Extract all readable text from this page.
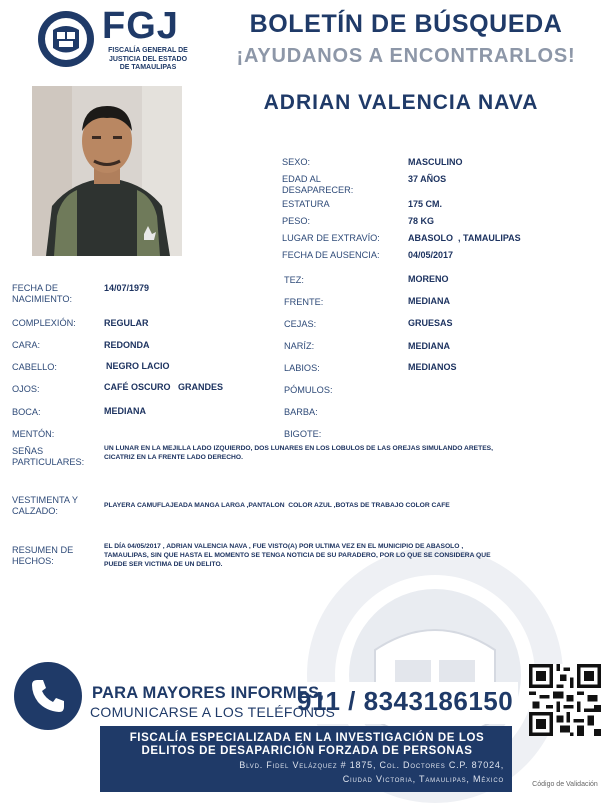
FGJ
FISCALÍA GENERAL DE
JUSTICIA DEL ESTADO
DE TAMAULIPAS
BOLETÍN DE BÚSQUEDA
¡AYUDANOS A ENCONTRARLOS!
ADRIAN VALENCIA NAVA
SEXO:	MASCULINO
EDAD AL
DESAPARECER:
37 AÑOS
ESTATURA	175 CM.
PESO:	78 KG
LUGAR DE EXTRAVÍO:	ABASOLO  , TAMAULIPAS
FECHA DE AUSENCIA:	04/05/2017
FECHA DE
NACIMIENTO:
14/07/1979
COMPLEXIÓN:	REGULAR
CARA:	REDONDA
CABELLO:	NEGRO LACIO
OJOS:	CAFÉ OSCURO   GRANDES
BOCA:	MEDIANA
MENTÓN:
TEZ:	MORENO
FRENTE:	MEDIANA
CEJAS:	GRUESAS
NARÍZ:	MEDIANA
LABIOS:	MEDIANOS
PÓMULOS:
BARBA:
BIGOTE:
SEÑAS
PARTICULARES:
UN LUNAR EN LA MEJILLA LADO IZQUIERDO, DOS LUNARES EN LOS LOBULOS DE LAS OREJAS SIMULANDO ARETES,
CICATRIZ EN LA FRENTE LADO DERECHO.
VESTIMENTA Y
CALZADO:
PLAYERA CAMUFLAJEADA MANGA LARGA ,PANTALON  COLOR AZUL ,BOTAS DE TRABAJO COLOR CAFE
RESUMEN DE
HECHOS:
EL DÍA 04/05/2017 , ADRIAN VALENCIA NAVA , FUE VISTO(A) POR ULTIMA VEZ EN EL MUNICIPIO DE ABASOLO ,
TAMAULIPAS, SIN QUE HASTA EL MOMENTO SE TENGA NOTICIA DE SU PARADERO, POR LO QUE SE CONSIDERA QUE
PUEDE SER VICTIMA DE UN DELITO.
PARA MAYORES INFORMES,
COMUNICARSE A LOS TELÉFONOS
911 / 8343186150
FISCALÍA ESPECIALIZADA EN LA INVESTIGACIÓN DE LOS
DELITOS DE DESAPARICIÓN FORZADA DE PERSONAS
Blvd. Fidel Velázquez # 1875, Col. Doctores C.P. 87024,
Ciudad Victoria, Tamaulipas, México
Código de Validación
